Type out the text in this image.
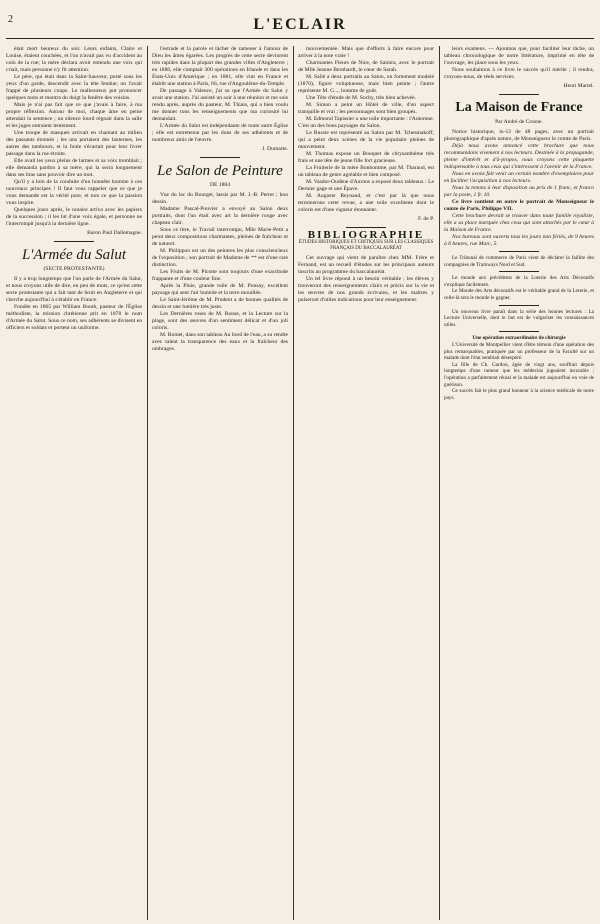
2	L'ECLAIR

était mort heureux du soir. Leurs enfants, Claire et Louise, étaient couchées, et l'on n'avait pas vu d'accident au coin de la rue; la mère déclara avoir entendu une voix qui criait, mais personne n'y fit attention.

Le père, qui était dans la Saint-Sauveur, porté sous les yeux d'un garde, descendit avec la tête fendue; on l'avait frappé de plusieurs coups. Le malheureux put prononcer quelques mots et montra du doigt la fenêtre des voisins.

Mais je n'ai pas fait que ce que j'avais à faire, à ma propre réflexion. Autour de moi, chaque âme en peine attendait la sentence ; un silence lourd régnait dans la salle et les juges entraient lentement.

Une troupe de masques arrivait en chantant au milieu des passants étonnés ; les uns portaient des lanternes, les autres des tambours, et la foule s'écartait pour leur livrer passage dans la rue étroite.

Elle avait les yeux pleins de larmes et sa voix tremblait ; elle demanda pardon à sa mère, qui la serra longuement dans ses bras sans pouvoir dire un mot.

Qu'il y a loin de la conduite d'un honnête homme à ces nouveaux principes ! Il faut vous rappeler que ce que je vous demande est la vérité pure, et non ce que la passion vous inspire.

Quelques jours après, le notaire arriva avec les papiers de la succession ; il les lut d'une voix égale, et personne ne l'interrompit jusqu'à la dernière ligne.

Baron Paul Dallemagne.
L'Armée du Salut
(SECTE PROTESTANTE)

Il y a trop longtemps que l'on parle de l'Armée du Salut, et nous croyons utile de dire, en peu de mots, ce qu'est cette secte protestante qui a fait tant de bruit en Angleterre et qui cherche aujourd'hui à s'établir en France.

Fondée en 1865 par William Booth, pasteur de l'Église méthodiste, la mission chrétienne prit en 1878 le nom d'Armée du Salut. Sous ce nom, ses adhérents se divisent en officiers et soldats et portent un uniforme.

l'estrade et la parole et tâcher de ramener à l'amour de Dieu les âmes égarées. Les progrès de cette secte devinrent très rapides dans la plupart des grandes villes d'Angleterre ; en 1880, elle comptait 300 opérations en Irlande et dans les États-Unis d'Amérique ; en 1881, elle vint en France et établit une station à Paris, 66, rue d'Angoulême-du-Temple.

De passage à Valence, j'ai su que l'Armée du Salut y avait une station. J'ai assisté un soir à une réunion et me suis rendu après, auprès du pasteur, M. Thiais, qui a bien voulu me donner tous les renseignements que ma curiosité lui demandait.

L'Armée du Salut est indépendante de toute autre Église ; elle est entretenue par les dons de ses adhérents et de nombreux amis de l'œuvre.

J. Dumarte.
Le Salon de Peinture
DE 1884

Vue du lac du Bourget, lassis par M. J.-B. Perret ; bon dessin.

Madame Pascal-Pouvier a envoyé au Salon deux portraits, dont l'un était avec art la dernière rouge avec chapeau clair.

Sous ce titre, le Travail interrompu, Mlle Marie-Petit a peint deux compositions charmantes, pleines de fraîcheur et de naturel.

M. Philippon est un des peintres les plus consciencieux de l'exposition ; son portrait de Madame de ** est d'une rare distinction.

Les Fruits de M. Picotte sont toujours d'une exactitude frappante et d'une couleur fine.

Après la Pluie, grande toile de M. Ponsay, excellent paysage qui sent l'air humide et la terre mouillée.

Le Saint-Jérôme de M. Prudent a de bonnes qualités de dessin et une lumière très juste.

Les Dernières roses de M. Ronse, et la Lecture sur la plage, sont des œuvres d'un sentiment délicat et d'un joli coloris.

M. Romet, dans son tableau Au bord de l'eau, a su rendre avec talent la transparence des eaux et la fraîcheur des ombrages.

mouvementée. Mais que d'efforts à faire encore pour arriver à la note vraie !

Charmantes Fleurs de Nice, de Saintra, avec le portrait de Mlle Jeanne Bernhardt, le cœur de Sarah.

M. Salié a deux portraits au Salon, un fortement modelé (1870), figure voluptueuse, mais bien peinte ; l'autre représente M. G..., homme de goût.

Une Tête d'étude de M. Socby, très bien achevée.

M. Simon a peint un Hôtel de ville, d'un aspect tranquille et vrai ; les personnages sont bien groupés.

M. Edmond Tapissier a une toile importante : l'Automne. C'est un des bons paysages du Salon.

Le Russie est représenté au Salon par M. Tchesmakoff, qui a peint deux scènes de la vie populaire pleines de mouvement.

M. Thomas expose un Bouquet de chrysanthème très frais et une tête de jeune fille fort gracieuse.

La Fruiterie de la mère Bonhomme, par M. Tharaud, est un tableau de genre agréable et bien composé.

M. Vasdor-Oudène d'Aurons a exposé deux tableaux : Le Dernier gage et une Épave.

M. Auguste Reynaud, et c'est par là que nous terminerons cette revue, a une toile excellente dont le coloris est d'une vigueur étonnante.

F. de P.
BIBLIOGRAPHIE
ÉTUDES HISTORIQUES ET CRITIQUES SUR LES CLASSIQUES FRANÇAIS DU BACCALAURÉAT

Cet ouvrage qui vient de paraître chez MM. Frère et Fernand, est un recueil d'études sur les principaux auteurs inscrits au programme du baccalauréat.

Un tel livre répond à un besoin véritable ; les élèves y trouveront des renseignements clairs et précis sur la vie et les œuvres de nos grands écrivains, et les maîtres y puiseront d'utiles indications pour leur enseignement.

leurs examens. — Ajoutons que, pour faciliter leur tâche, un tableau chronologique de notre littérature, imprimé en tête de l'ouvrage, les place sous les yeux.

Nous souhaitons à ce livre le succès qu'il mérite ; il rendra, croyons-nous, de réels services.

Henri Martel.
La Maison de France
Par André de Crosne.

Notice historique, in-12 de 48 pages, avec un portrait photographique d'après nature, de Monseigneur le comte de Paris.

Déjà nous avons annoncé cette brochure que nous recommandons vivement à nos lecteurs. Destinée à la propagande, pleine d'intérêt et d'à-propos, nous croyons cette plaquette indispensable à tous ceux qui s'intéressent à l'avenir de la France.

Nous en avons fait venir un certain nombre d'exemplaires pour en faciliter l'acquisition à nos lecteurs.

Nous la tenons à leur disposition au prix de 1 franc, et franco par la poste, 1 fr. 10.

Ce livre contient en outre le portrait de Monseigneur le comte de Paris, Philippe VII.

Cette brochure devrait se trouver dans toute famille royaliste, elle a sa place marquée chez ceux qui sont attachés par le cœur à la Maison de France.

Nos bureaux sont ouverts tous les jours non fériés, de 9 heures à 6 heures, rue Marc, 5.

Le Tribunal de commerce de Paris vient de déclarer la faillite des compagnies de Tramways Nord et Sud.

Le monde aux précédents de la Loterie des Arts Décoratifs s'explique facilement.

Le Monde des Arts décoratifs est le véritable grand de la Loterie, et celle-là sera le monde le gagner.

Un nouveau livre paraît dans la série des bonnes lectures : La Lecture Universelle, dont le but est de vulgariser les connaissances utiles.

Une opération extraordinaire de chirurgie

L'Université de Montpellier vient d'être témoin d'une opération des plus remarquables, pratiquée par un professeur de la Faculté sur un malade dont l'état semblait désespéré.

La fille de Ch. Gardon, âgée de vingt ans, souffrait depuis longtemps d'une tumeur que les médecins jugeaient incurable ; l'opération a parfaitement réussi et la malade est aujourd'hui en voie de guérison.

Ce succès fait le plus grand honneur à la science médicale de notre pays.
